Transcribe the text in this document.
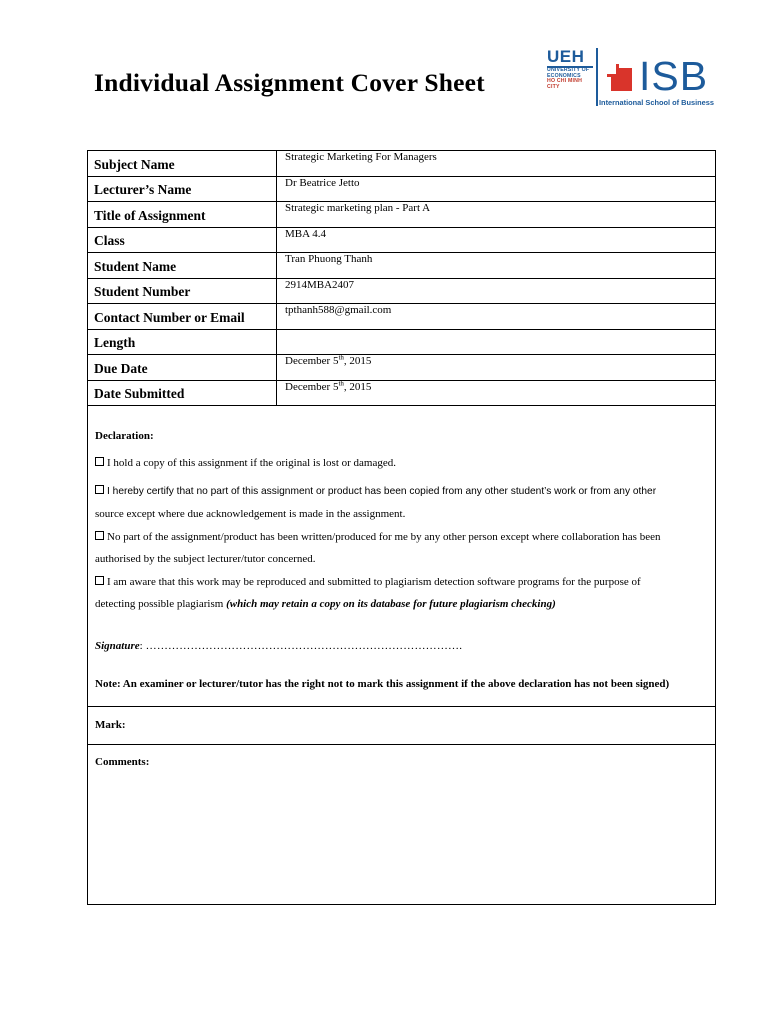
Individual Assignment Cover Sheet
UEH
UNIVERSITY OF
ECONOMICS
HO CHI MINH CITY	ISB
International School of Business
Subject Name	Strategic Marketing For Managers
Lecturer’s Name	Dr Beatrice Jetto
Title of Assignment	Strategic marketing plan - Part A
Class	MBA 4.4
Student Name	Tran Phuong Thanh
Student Number	2914MBA2407
Contact Number or Email	tpthanh588@gmail.com
Length
Due Date	December 5th, 2015
Date Submitted	December 5th, 2015
Declaration:
I hold a copy of this assignment if the original is lost or damaged.
I hereby certify that no part of this assignment or product has been copied from any other student’s work or from any other
source except where due acknowledgement is made in the assignment.
No part of the assignment/product has been written/produced for me by any other person except where collaboration has been
authorised by the subject lecturer/tutor concerned.
I am aware that this work may be reproduced and submitted to plagiarism detection software programs for the purpose of
detecting possible plagiarism (which may retain a copy on its database for future plagiarism checking)
Signature: ………………………………………………………………………….
Note: An examiner or lecturer/tutor has the right not to mark this assignment if the above declaration has not been signed)
Mark:
Comments:
